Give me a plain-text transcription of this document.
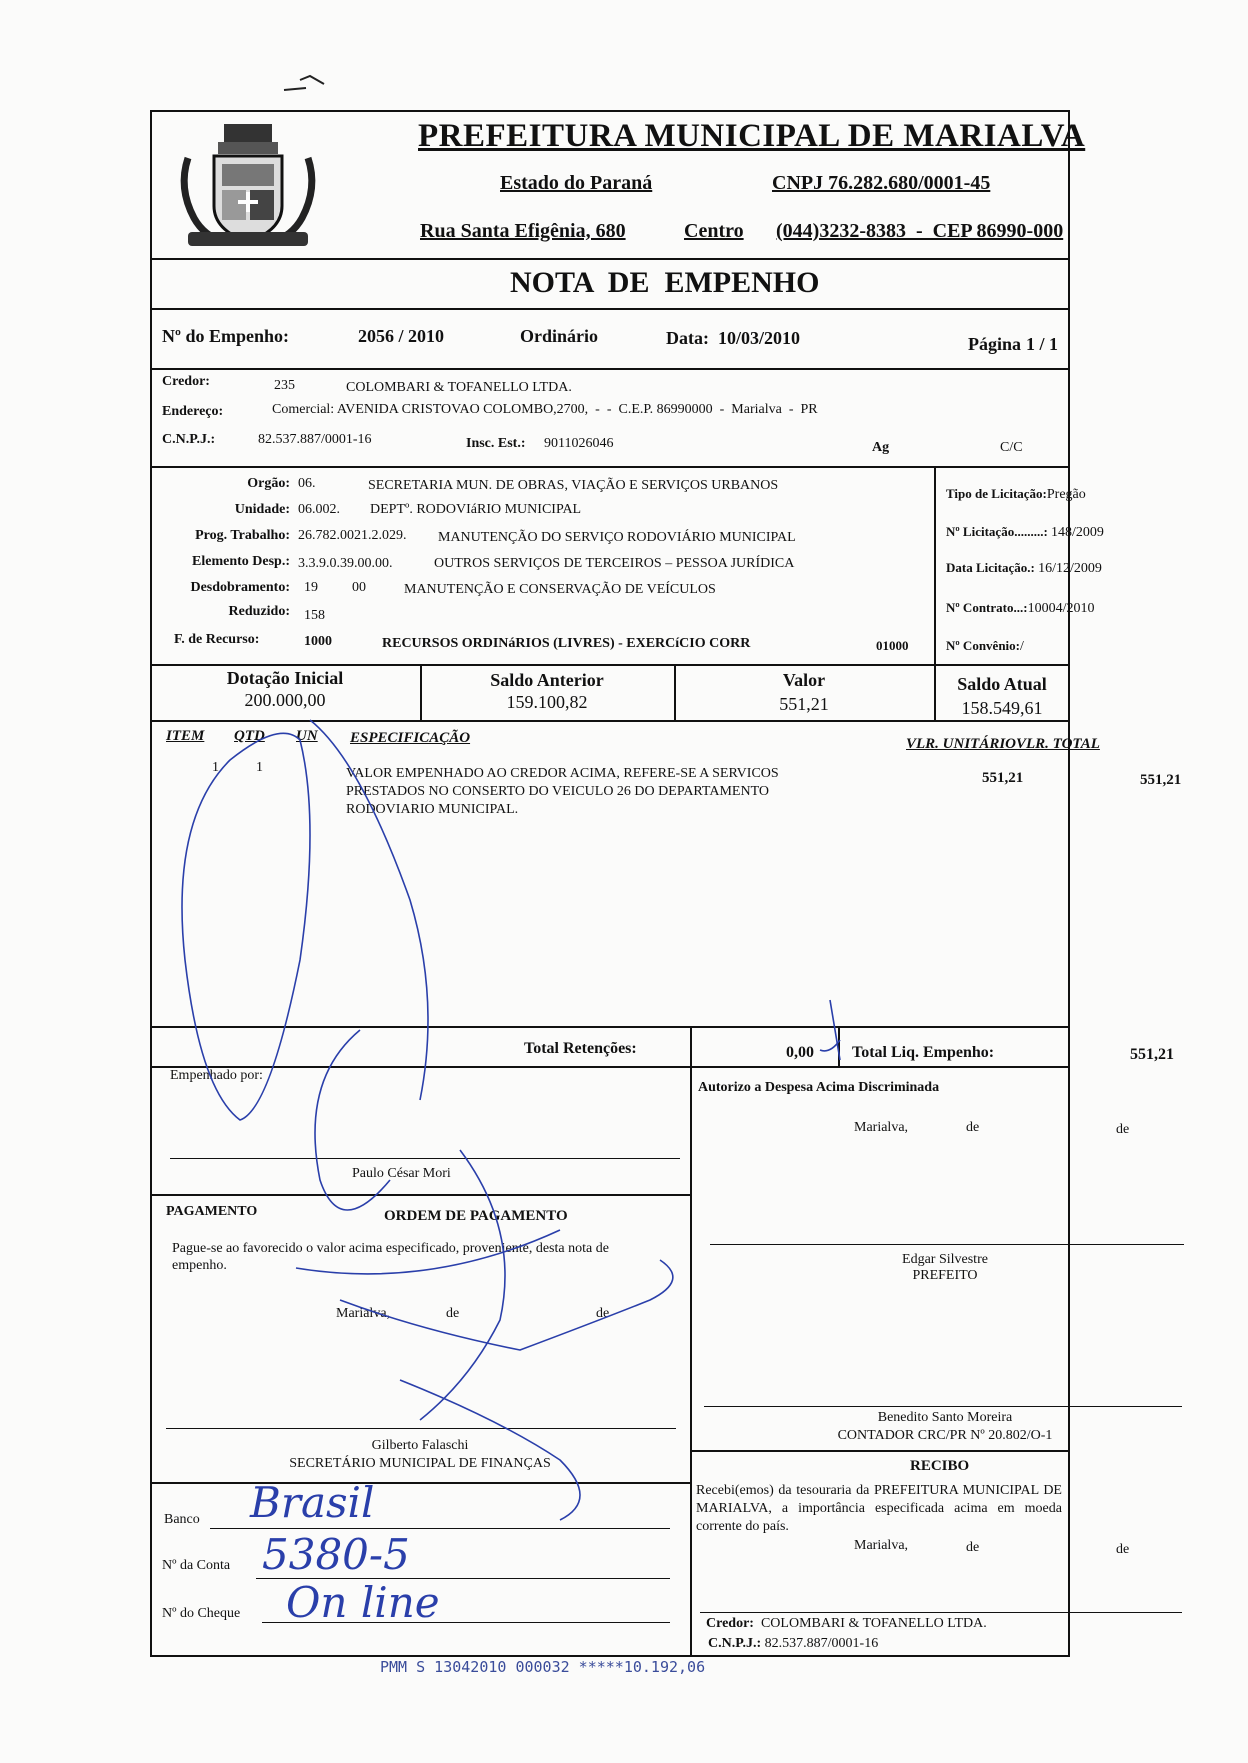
PREFEITURA MUNICIPAL DE MARIALVA
Estado do Paraná	CNPJ 76.282.680/0001-45
Rua Santa Efigênia, 680	Centro (044)3232-8383  -  CEP 86990-000
NOTA  DE  EMPENHO
Nº do Empenho:	2056 / 2010	Ordinário	Data: 10/03/2010	Página 1 / 1
Credor:	235	COLOMBARI & TOFANELLO LTDA.
Endereço:	Comercial: AVENIDA CRISTOVAO COLOMBO,2700,  -  -  C.E.P. 86990000  -  Marialva  -  PR
C.N.P.J.:	82.537.887/0001-16	Insc. Est.: 9011026046	Ag	C/C
Orgão: 06.	SECRETARIA MUN. DE OBRAS, VIAÇÃO E SERVIÇOS URBANOS
Unidade: 06.002. DEPTº. RODOVIáRIO MUNICIPAL
Prog. Trabalho: 26.782.0021.2.029. MANUTENÇÃO DO SERVIÇO RODOVIÁRIO MUNICIPAL
Elemento Desp.: 3.3.9.0.39.00.00.	OUTROS SERVIÇOS DE TERCEIROS – PESSOA JURÍDICA
Desdobramento: 19 00	MANUTENÇÃO E CONSERVAÇÃO DE VEÍCULOS
Reduzido: 158
F. de Recurso:	1000	RECURSOS ORDINáRIOS (LIVRES) - EXERCíCIO CORR	01000
Tipo de Licitação:Pregão
Nº Licitação.........: 148/2009
Data Licitação.: 16/12/2009
Nº Contrato...:10004/2010
Nº Convênio:/
Dotação Inicial
200.000,00
Saldo Anterior
159.100,82
Valor
551,21
Saldo Atual
158.549,61
ITEM QTD UN ESPECIFICAÇÃO	VLR. UNITÁRIO VLR. TOTAL
1	1	VALOR EMPENHADO AO CREDOR ACIMA, REFERE-SE A SERVICOS
PRESTADOS NO CONSERTO DO VEICULO 26 DO DEPARTAMENTO
RODOVIARIO MUNICIPAL.
551,21	551,21
Total Retenções:	0,00 Total Liq. Empenho:	551,21
Empenhado por:
Paulo César Mori
Autorizo a Despesa Acima Discriminada
Marialva,	de	de
Edgar Silvestre
PREFEITO
Benedito Santo Moreira
CONTADOR CRC/PR Nº 20.802/O-1
PAGAMENTO	ORDEM DE PAGAMENTO
Pague-se ao favorecido o valor acima especificado, proveniente, desta nota de empenho.
Marialva,	de	de
Gilberto Falaschi
SECRETÁRIO MUNICIPAL DE FINANÇAS
Banco Brasil
Nº da Conta 5380-5
Nº do Cheque On line
RECIBO
Recebi(emos) da tesouraria da PREFEITURA MUNICIPAL DE MARIALVA, a importância especificada acima em moeda corrente do país.
Marialva,	de	de
Credor: COLOMBARI & TOFANELLO LTDA.
C.N.P.J.: 82.537.887/0001-16
PMM S 13042010 000032 *****10.192,06
